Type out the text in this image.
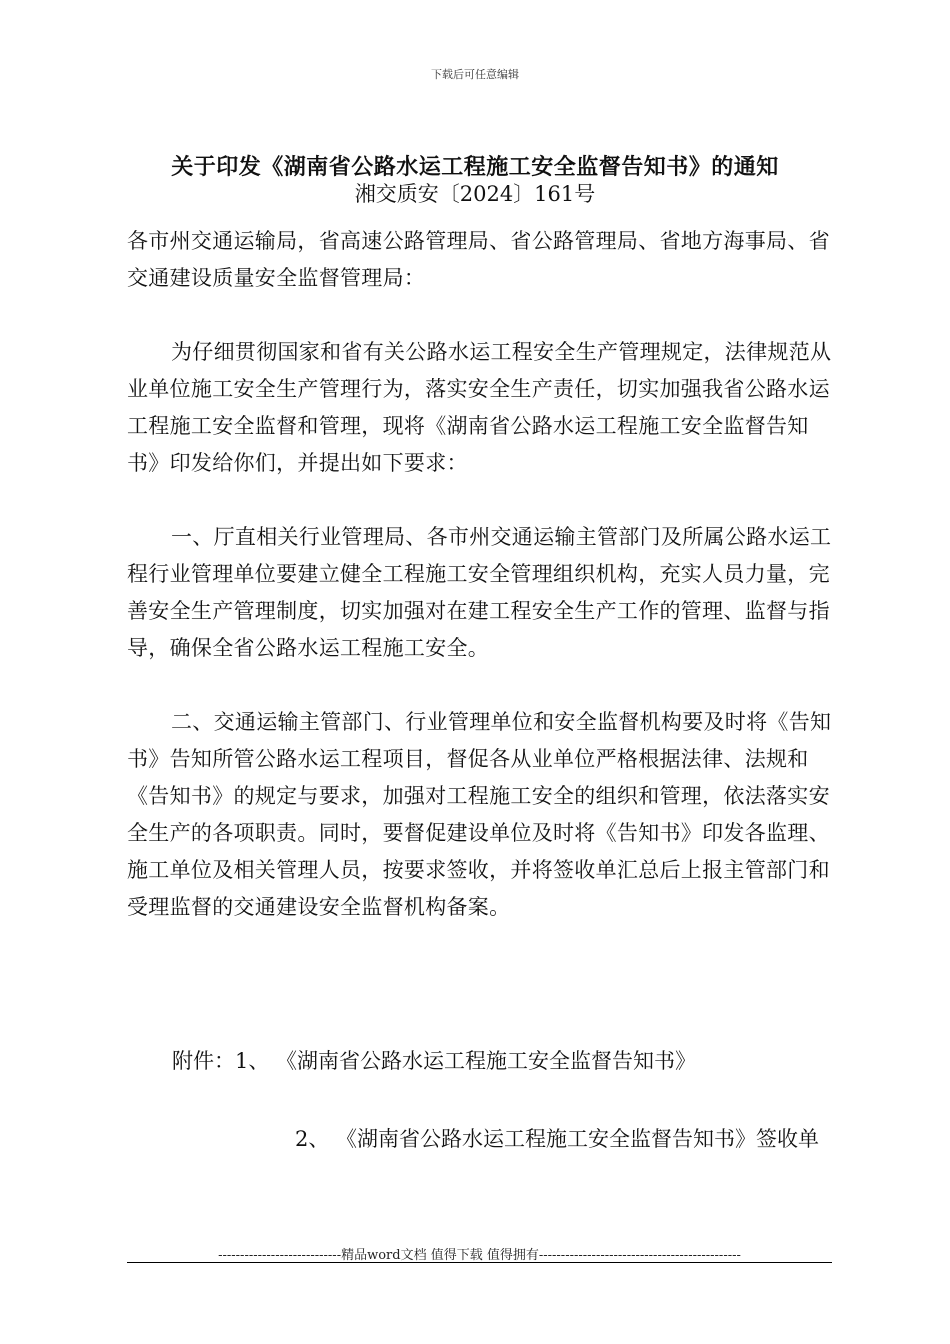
下载后可任意编辑
关于印发《湖南省公路水运工程施工安全监督告知书》的通知
湘交质安〔2024〕161号
各市州交通运输局，省高速公路管理局、省公路管理局、省地方海事局、省交通建设质量安全监督管理局：
为仔细贯彻国家和省有关公路水运工程安全生产管理规定，法律规范从业单位施工安全生产管理行为，落实安全生产责任，切实加强我省公路水运工程施工安全监督和管理，现将《湖南省公路水运工程施工安全监督告知书》印发给你们，并提出如下要求：
一、厅直相关行业管理局、各市州交通运输主管部门及所属公路水运工程行业管理单位要建立健全工程施工安全管理组织机构，充实人员力量，完善安全生产管理制度，切实加强对在建工程安全生产工作的管理、监督与指导，确保全省公路水运工程施工安全。
二、交通运输主管部门、行业管理单位和安全监督机构要及时将《告知书》告知所管公路水运工程项目，督促各从业单位严格根据法律、法规和《告知书》的规定与要求，加强对工程施工安全的组织和管理，依法落实安全生产的各项职责。同时，要督促建设单位及时将《告知书》印发各监理、施工单位及相关管理人员，按要求签收，并将签收单汇总后上报主管部门和受理监督的交通建设安全监督机构备案。
附件：1、 《湖南省公路水运工程施工安全监督告知书》
2、 《湖南省公路水运工程施工安全监督告知书》签收单
----------------------------精品word文档 值得下载 值得拥有----------------------------------------------
